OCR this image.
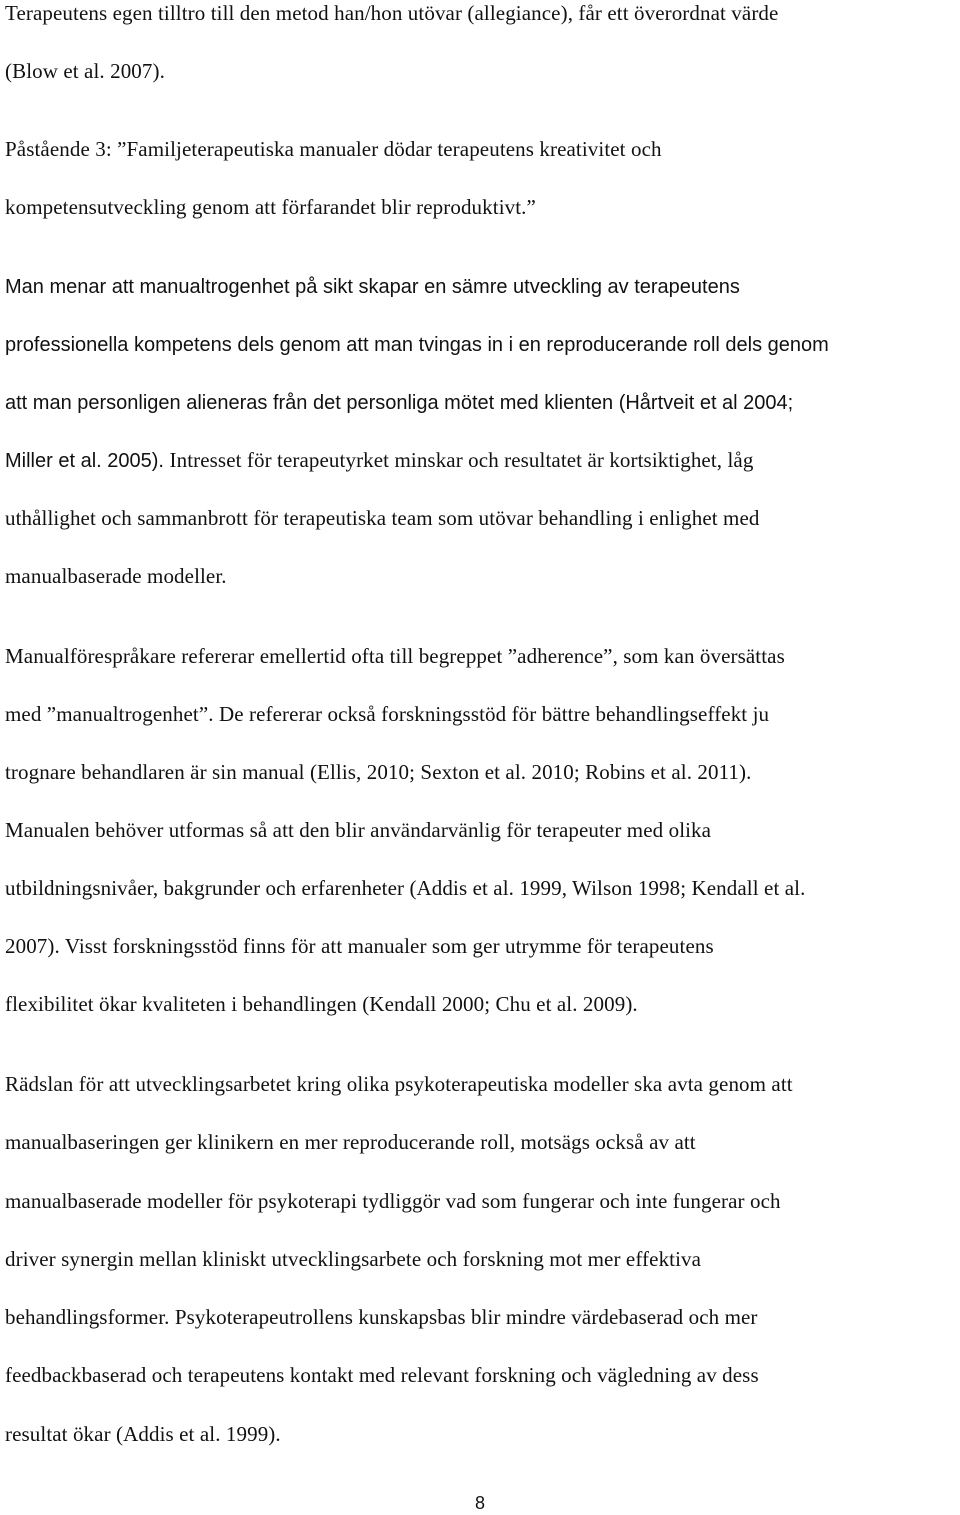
Terapeutens egen tilltro till den metod han/hon utövar (allegiance), får ett överordnat värde
(Blow et al. 2007).
Påstående 3: ”Familjeterapeutiska manualer dödar terapeutens kreativitet och
kompetensutveckling genom att förfarandet blir reproduktivt.”
Man menar att manualtrogenhet på sikt skapar en sämre utveckling av terapeutens
professionella kompetens dels genom att man tvingas in i en reproducerande roll dels genom
att man personligen alieneras från det personliga mötet med klienten (Hårtveit et al 2004;
Miller et al. 2005). Intresset för terapeutyrket minskar och resultatet är kortsiktighet, låg
uthållighet och sammanbrott för terapeutiska team som utövar behandling i enlighet med
manualbaserade modeller.
Manualförespråkare refererar emellertid ofta till begreppet ”adherence”, som kan översättas
med ”manualtrogenhet”. De refererar också forskningsstöd för bättre behandlingseffekt ju
trognare behandlaren är sin manual (Ellis, 2010; Sexton et al. 2010; Robins et al. 2011).
Manualen behöver utformas så att den blir användarvänlig för terapeuter med olika
utbildningsnivåer, bakgrunder och erfarenheter (Addis et al. 1999, Wilson 1998; Kendall et al.
2007). Visst forskningsstöd finns för att manualer som ger utrymme för terapeutens
flexibilitet ökar kvaliteten i behandlingen (Kendall 2000; Chu et al. 2009).
Rädslan för att utvecklingsarbetet kring olika psykoterapeutiska modeller ska avta genom att
manualbaseringen ger klinikern en mer reproducerande roll, motsägs också av att
manualbaserade modeller för psykoterapi tydliggör vad som fungerar och inte fungerar och
driver synergin mellan kliniskt utvecklingsarbete och forskning mot mer effektiva
behandlingsformer. Psykoterapeutrollens kunskapsbas blir mindre värdebaserad och mer
feedbackbaserad och terapeutens kontakt med relevant forskning och vägledning av dess
resultat ökar (Addis et al. 1999).
8
